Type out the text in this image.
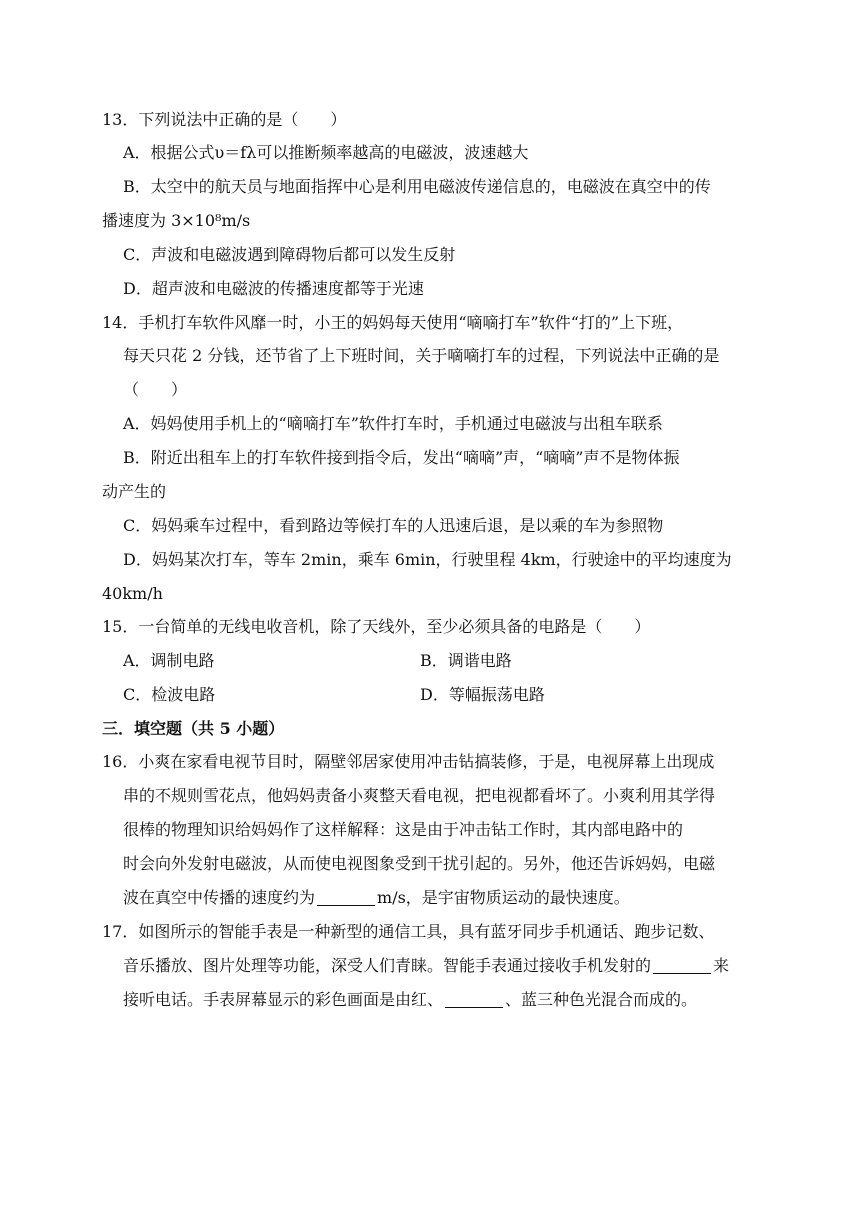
13．下列说法中正确的是（　　）
A．根据公式υ＝fλ可以推断频率越高的电磁波，波速越大
B．太空中的航天员与地面指挥中心是利用电磁波传递信息的，电磁波在真空中的传
播速度为 3×10⁸m/s
C．声波和电磁波遇到障碍物后都可以发生反射
D．超声波和电磁波的传播速度都等于光速
14．手机打车软件风靡一时，小王的妈妈每天使用“嘀嘀打车”软件“打的”上下班，
每天只花 2 分钱，还节省了上下班时间，关于嘀嘀打车的过程，下列说法中正确的是
（　　）
A．妈妈使用手机上的“嘀嘀打车”软件打车时，手机通过电磁波与出租车联系
B．附近出租车上的打车软件接到指令后，发出“嘀嘀”声，“嘀嘀”声不是物体振
动产生的
C．妈妈乘车过程中，看到路边等候打车的人迅速后退，是以乘的车为参照物
D．妈妈某次打车，等车 2min，乘车 6min，行驶里程 4km，行驶途中的平均速度为
40km/h
15．一台简单的无线电收音机，除了天线外，至少必须具备的电路是（　　）
A．调制电路	B．调谐电路
C．检波电路	D．等幅振荡电路
三．填空题（共 5 小题）
16．小爽在家看电视节目时，隔壁邻居家使用冲击钻搞装修，于是，电视屏幕上出现成
串的不规则雪花点，他妈妈责备小爽整天看电视，把电视都看坏了。小爽利用其学得
很棒的物理知识给妈妈作了这样解释：这是由于冲击钻工作时，其内部电路中的
时会向外发射电磁波，从而使电视图象受到干扰引起的。另外，他还告诉妈妈，电磁
波在真空中传播的速度约为	m/s，是宇宙物质运动的最快速度。
17．如图所示的智能手表是一种新型的通信工具，具有蓝牙同步手机通话、跑步记数、
音乐播放、图片处理等功能，深受人们青睐。智能手表通过接收手机发射的	来
接听电话。手表屏幕显示的彩色画面是由红、	、蓝三种色光混合而成的。
